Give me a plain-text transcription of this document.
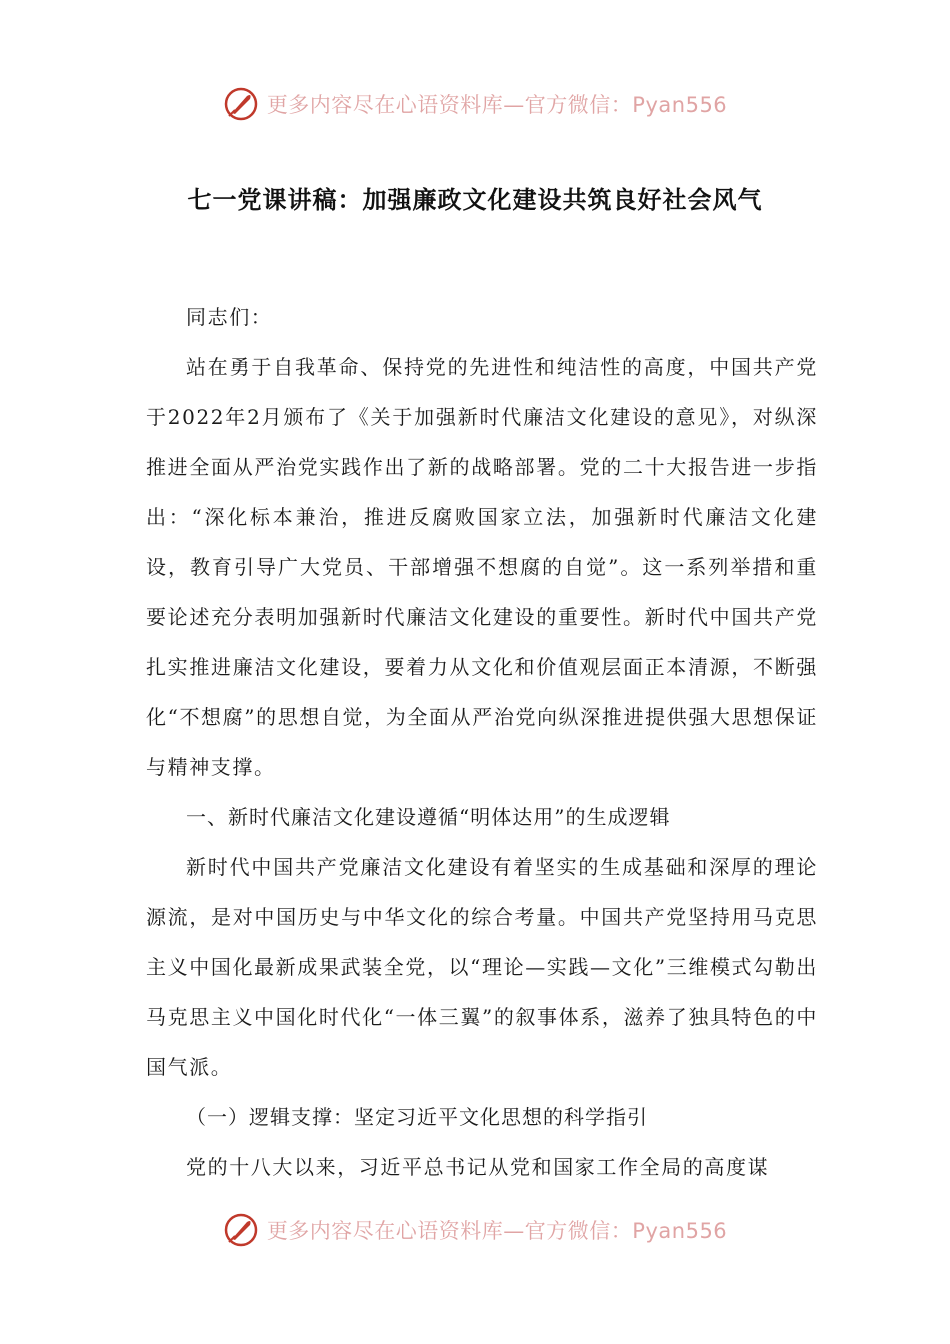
更多内容尽在心语资料库—官方微信：Pyan556
七一党课讲稿：加强廉政文化建设共筑良好社会风气

同志们：

站在勇于自我革命、保持党的先进性和纯洁性的高度，中国共产党于2022年2月颁布了《关于加强新时代廉洁文化建设的意见》，对纵深推进全面从严治党实践作出了新的战略部署。党的二十大报告进一步指出：“深化标本兼治，推进反腐败国家立法，加强新时代廉洁文化建设，教育引导广大党员、干部增强不想腐的自觉”。这一系列举措和重要论述充分表明加强新时代廉洁文化建设的重要性。新时代中国共产党扎实推进廉洁文化建设，要着力从文化和价值观层面正本清源，不断强化“不想腐”的思想自觉，为全面从严治党向纵深推进提供强大思想保证与精神支撑。

一、新时代廉洁文化建设遵循“明体达用”的生成逻辑

新时代中国共产党廉洁文化建设有着坚实的生成基础和深厚的理论源流，是对中国历史与中华文化的综合考量。中国共产党坚持用马克思主义中国化最新成果武装全党，以“理论—实践—文化”三维模式勾勒出马克思主义中国化时代化“一体三翼”的叙事体系，滋养了独具特色的中国气派。

（一）逻辑支撑：坚定习近平文化思想的科学指引

党的十八大以来，习近平总书记从党和国家工作全局的高度谋

更多内容尽在心语资料库—官方微信：Pyan556
